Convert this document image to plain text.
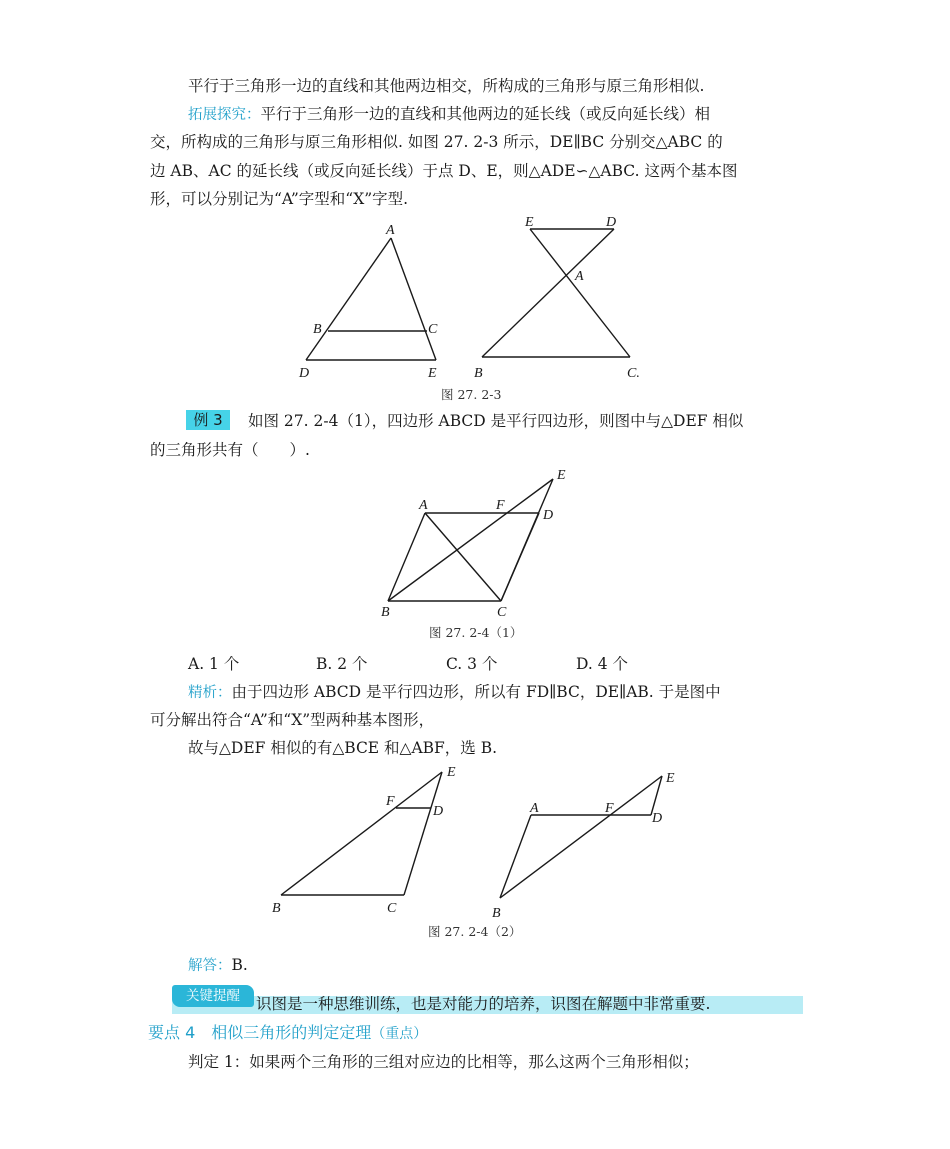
平行于三角形一边的直线和其他两边相交，所构成的三角形与原三角形相似.
拓展探究：平行于三角形一边的直线和其他两边的延长线（或反向延长线）相
交，所构成的三角形与原三角形相似. 如图 27. 2-3 所示，DE∥BC 分别交△ABC 的
边 AB、AC 的延长线（或反向延长线）于点 D、E，则△ADE∽△ABC. 这两个基本图
形，可以分别记为“A”字型和“X”字型.
A
B	C
D	E
E	D
A
B	C.
图 27. 2-3
例 3	如图 27. 2-4（1），四边形 ABCD 是平行四边形，则图中与△DEF 相似
的三角形共有（　　）.
A	F
D
E
B	C
图 27. 2-4（1）
A. 1 个	B. 2 个	C. 3 个	D. 4 个
精析：由于四边形 ABCD 是平行四边形，所以有 FD∥BC，DE∥AB. 于是图中
可分解出符合“A”和“X”型两种基本图形，
故与△DEF 相似的有△BCE 和△ABF，选 B.
E
F
D
B	C
A	F
E
D
B
图 27. 2-4（2）
解答：B.
关键提醒	识图是一种思维训练，也是对能力的培养，识图在解题中非常重要.
要点 4　相似三角形的判定定理（重点）
判定 1：如果两个三角形的三组对应边的比相等，那么这两个三角形相似；
